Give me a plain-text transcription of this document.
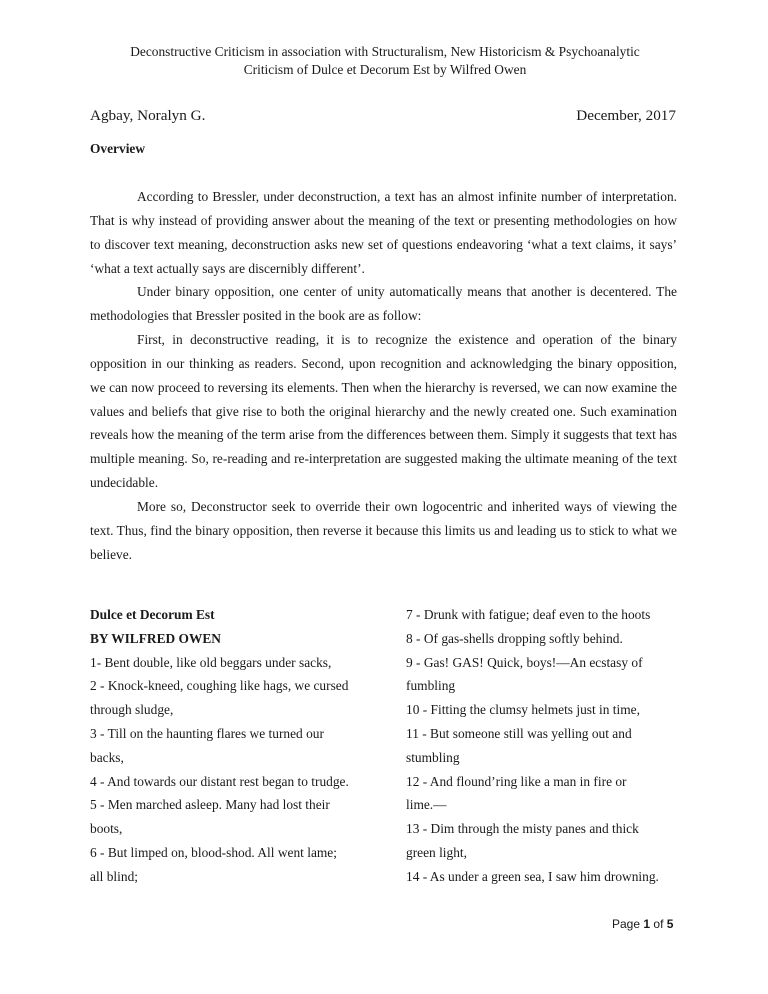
Deconstructive Criticism in association with Structuralism, New Historicism & Psychoanalytic
Criticism of Dulce et Decorum Est by Wilfred Owen
Agbay, Noralyn G.	December, 2017
Overview

According to Bressler, under deconstruction, a text has an almost infinite number of interpretation. That is why instead of providing answer about the meaning of the text or presenting methodologies on how to discover text meaning, deconstruction asks new set of questions endeavoring ‘what a text claims, it says’ ‘what a text actually says are discernibly different’.

Under binary opposition, one center of unity automatically means that another is decentered. The methodologies that Bressler posited in the book are as follow:

First, in deconstructive reading, it is to recognize the existence and operation of the binary opposition in our thinking as readers. Second, upon recognition and acknowledging the binary opposition, we can now proceed to reversing its elements. Then when the hierarchy is reversed, we can now examine the values and beliefs that give rise to both the original hierarchy and the newly created one. Such examination reveals how the meaning of the term arise from the differences between them. Simply it suggests that text has multiple meaning. So, re-reading and re-interpretation are suggested making the ultimate meaning of the text undecidable.

More so, Deconstructor seek to override their own logocentric and inherited ways of viewing the text. Thus, find the binary opposition, then reverse it because this limits us and leading us to stick to what we believe.

Dulce et Decorum Est
BY WILFRED OWEN
1- Bent double, like old beggars under sacks,
2 - Knock-kneed, coughing like hags, we cursed
through sludge,
3 - Till on the haunting flares we turned our
backs,
4 - And towards our distant rest began to trudge.
5 - Men marched asleep. Many had lost their
boots,
6 - But limped on, blood-shod. All went lame;
all blind;
7 - Drunk with fatigue; deaf even to the hoots
8 - Of gas-shells dropping softly behind.
9 - Gas! GAS! Quick, boys!—An ecstasy of
fumbling
10 - Fitting the clumsy helmets just in time,
11 - But someone still was yelling out and
stumbling
12 - And flound’ring like a man in fire or
lime.—
13 - Dim through the misty panes and thick
green light,
14 - As under a green sea, I saw him drowning.
Page 1 of 5
